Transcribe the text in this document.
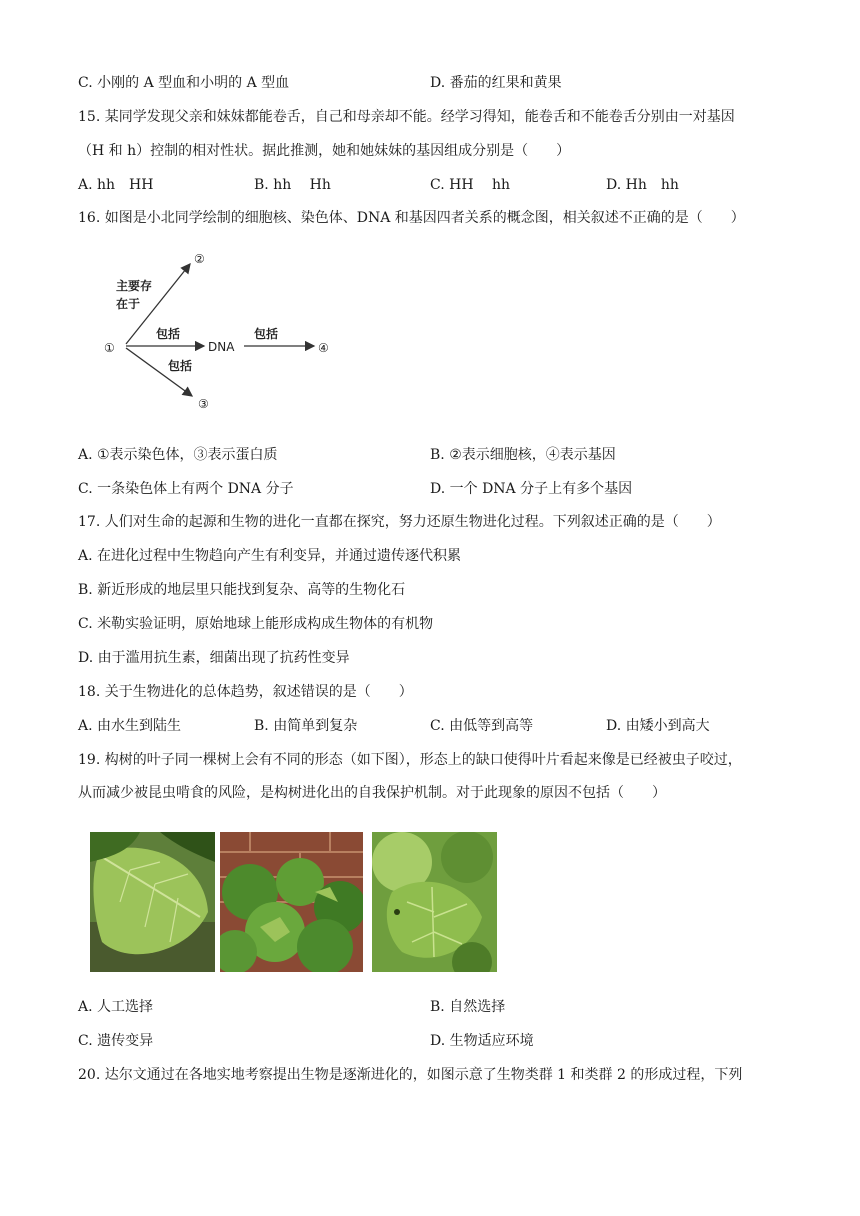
C. 小刚的 A 型血和小明的 A 型血	D. 番茄的红果和黄果
15. 某同学发现父亲和妹妹都能卷舌，自己和母亲却不能。经学习得知，能卷舌和不能卷舌分别由一对基因
（H 和 h）控制的相对性状。据此推测，她和她妹妹的基因组成分别是（　　）
A. hh　HH	B. hh　 Hh	C. HH　 hh	D. Hh　hh
16. 如图是小北同学绘制的细胞核、染色体、DNA 和基因四者关系的概念图，相关叙述不正确的是（　　）
①
②
③
④
DNA
主要存
在于
包括	包括
包括
A. ①表示染色体，③表示蛋白质	B. ②表示细胞核，④表示基因
C. 一条染色体上有两个 DNA 分子	D. 一个 DNA 分子上有多个基因
17. 人们对生命的起源和生物的进化一直都在探究，努力还原生物进化过程。下列叙述正确的是（　　）
A. 在进化过程中生物趋向产生有利变异，并通过遗传逐代积累
B. 新近形成的地层里只能找到复杂、高等的生物化石
C. 米勒实验证明，原始地球上能形成构成生物体的有机物
D. 由于滥用抗生素，细菌出现了抗药性变异
18. 关于生物进化的总体趋势，叙述错误的是（　　）
A. 由水生到陆生	B. 由简单到复杂	C. 由低等到高等	D. 由矮小到高大
19. 构树的叶子同一棵树上会有不同的形态（如下图），形态上的缺口使得叶片看起来像是已经被虫子咬过，
从而减少被昆虫啃食的风险，是构树进化出的自我保护机制。对于此现象的原因不包括（　　）
A. 人工选择	B. 自然选择
C. 遗传变异	D. 生物适应环境
20. 达尔文通过在各地实地考察提出生物是逐渐进化的，如图示意了生物类群 1 和类群 2 的形成过程，下列
